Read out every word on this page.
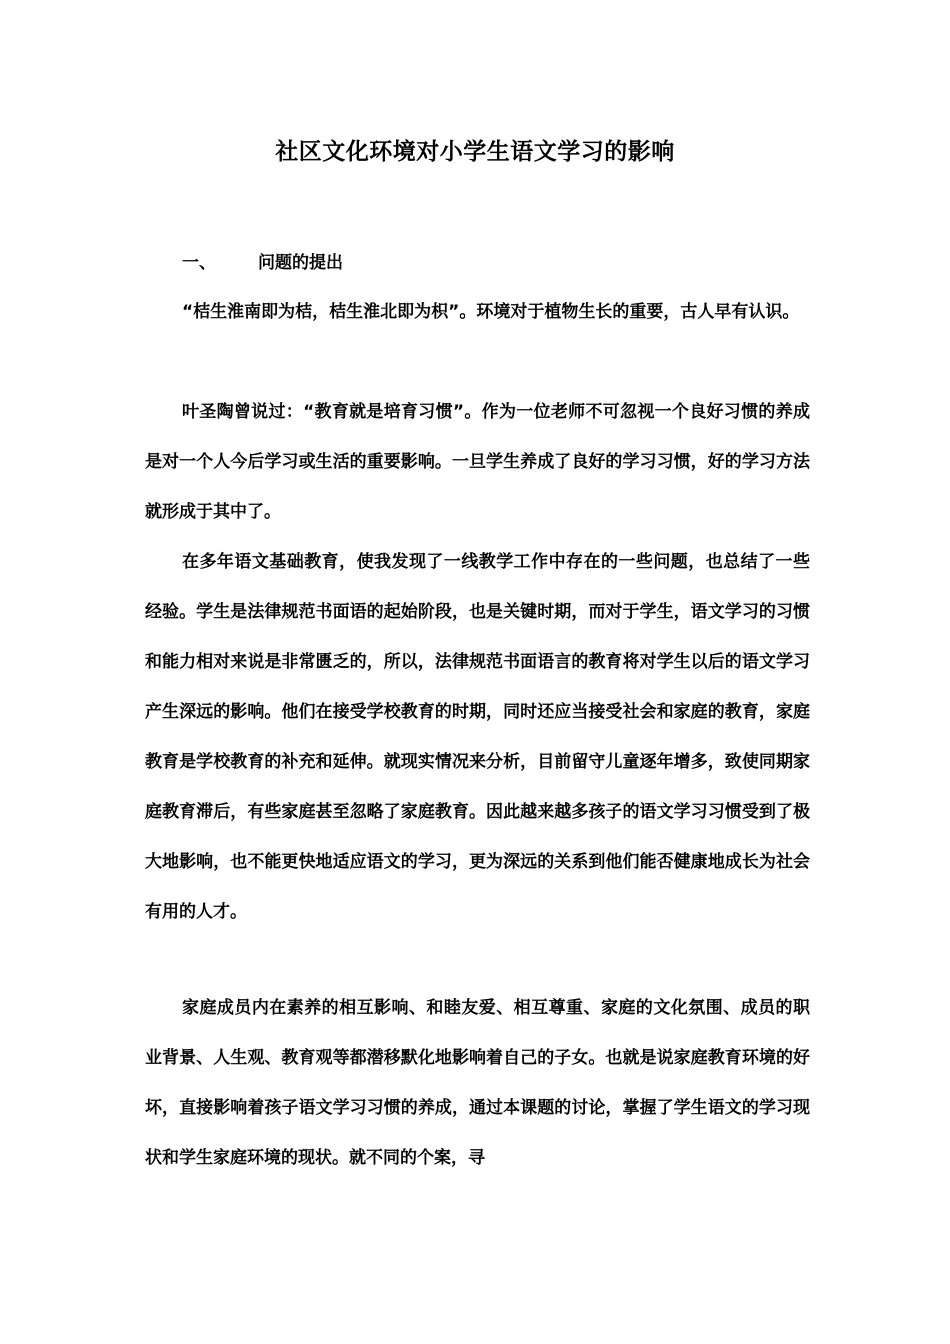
社区文化环境对小学生语文学习的影响
一、 问题的提出

“桔生淮南即为桔，桔生淮北即为枳”。环境对于植物生长的重要，古人早有认识。

叶圣陶曾说过：“教育就是培育习惯”。作为一位老师不可忽视一个良好习惯的养成是对一个人今后学习或生活的重要影响。一旦学生养成了良好的学习习惯，好的学习方法就形成于其中了。

在多年语文基础教育，使我发现了一线教学工作中存在的一些问题，也总结了一些经验。学生是法律规范书面语的起始阶段，也是关键时期，而对于学生，语文学习的习惯和能力相对来说是非常匮乏的，所以，法律规范书面语言的教育将对学生以后的语文学习产生深远的影响。他们在接受学校教育的时期，同时还应当接受社会和家庭的教育，家庭教育是学校教育的补充和延伸。就现实情况来分析，目前留守儿童逐年增多，致使同期家庭教育滞后，有些家庭甚至忽略了家庭教育。因此越来越多孩子的语文学习习惯受到了极大地影响，也不能更快地适应语文的学习，更为深远的关系到他们能否健康地成长为社会有用的人才。

家庭成员内在素养的相互影响、和睦友爱、相互尊重、家庭的文化氛围、成员的职业背景、人生观、教育观等都潜移默化地影响着自己的子女。也就是说家庭教育环境的好坏，直接影响着孩子语文学习习惯的养成，通过本课题的讨论，掌握了学生语文的学习现状和学生家庭环境的现状。就不同的个案，寻
